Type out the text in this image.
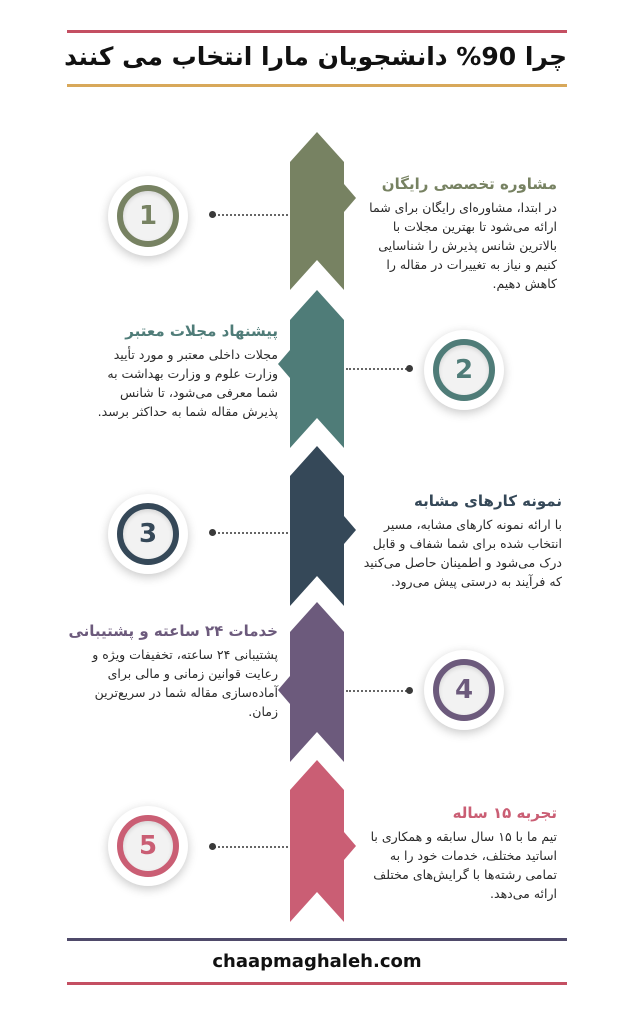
چرا 90% دانشجویان مارا انتخاب می کنند
1
مشاوره تخصصی رایگان
در ابتدا، مشاوره‌ای رایگان برای شما ارائه می‌شود تا بهترین مجلات با بالاترین شانس پذیرش را شناسایی کنیم و نیاز به تغییرات در مقاله را کاهش دهیم.
پیشنهاد مجلات معتبر
مجلات داخلی معتبر و مورد تأیید وزارت علوم و وزارت بهداشت به شما معرفی می‌شود، تا شانس پذیرش مقاله شما به حداکثر برسد.
2
3
نمونه کارهای مشابه
با ارائه نمونه کارهای مشابه، مسیر انتخاب شده برای شما شفاف و قابل درک می‌شود و اطمینان حاصل می‌کنید که فرآیند به درستی پیش می‌رود.
خدمات ۲۴ ساعته و پشتیبانی
پشتیبانی ۲۴ ساعته، تخفیفات ویژه و رعایت قوانین زمانی و مالی برای آماده‌سازی مقاله شما در سریع‌ترین زمان.
4
5
تجربه ۱۵ ساله
تیم ما با ۱۵ سال سابقه و همکاری با اساتید مختلف، خدمات خود را به تمامی رشته‌ها با گرایش‌های مختلف ارائه می‌دهد.
chaapmaghaleh.com
